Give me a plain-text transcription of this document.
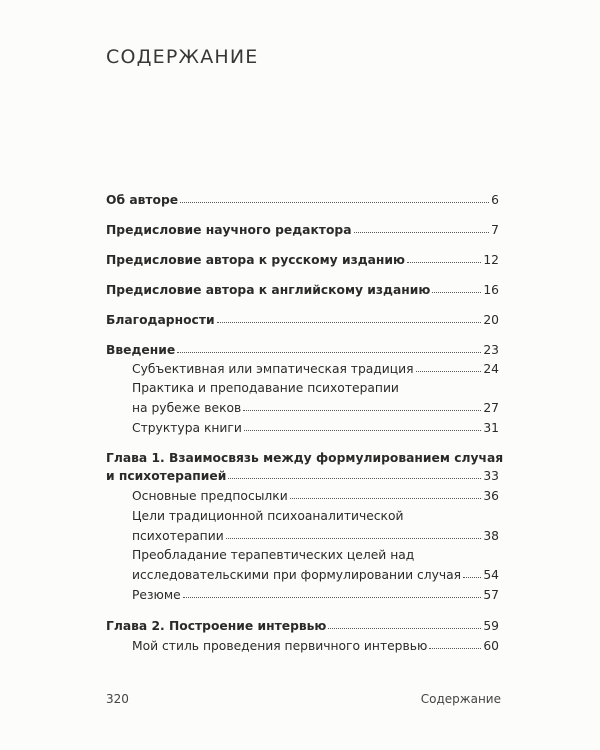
СОДЕРЖАНИЕ
Об авторе	6
Предисловие научного редактора	7
Предисловие автора к русскому изданию	12
Предисловие автора к английскому изданию	16
Благодарности	20
Введение	23
Субъективная или эмпатическая традиция	24
Практика и преподавание психотерапии
на рубеже веков	27
Структура книги	31
Глава 1. Взаимосвязь между формулированием случая
и психотерапией	33
Основные предпосылки	36
Цели традиционной психоаналитической
психотерапии	38
Преобладание терапевтических целей над
исследовательскими при формулировании случая 54
Резюме	57
Глава 2. Построение интервью	59
Мой стиль проведения первичного интервью	60
320	Содержание
